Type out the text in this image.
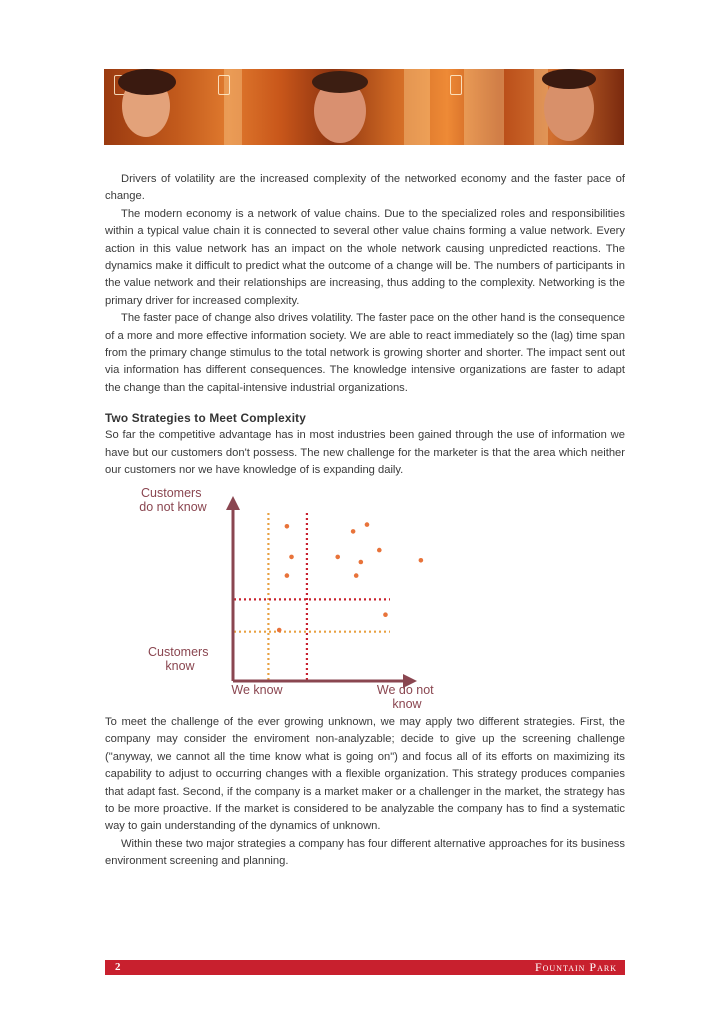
Drivers of volatility are the increased complexity of the networked economy and the faster pace of change.

The modern economy is a network of value chains. Due to the specialized roles and responsibilities within a typical value chain it is connected to several other value chains forming a value network. Every action in this value network has an impact on the whole network causing unpredicted reactions. The dynamics make it difficult to predict what the outcome of a change will be. The numbers of participants in the value network and their relationships are increasing, thus adding to the complexity. Networking is the primary driver for increased complexity.

The faster pace of change also drives volatility. The faster pace on the other hand is the consequence of a more and more effective information society. We are able to react immediately so the (lag) time span from the primary change stimulus to the total network is growing shorter and shorter. The impact sent out via information has different consequences. The knowledge intensive organizations are faster to adapt the change than the capital-intensive industrial organizations.

Two Strategies to Meet Complexity

So far the competitive advantage has in most industries been gained through the use of information we have but our customers don't possess. The new challenge for the marketer is that the area which neither our customers nor we have knowledge of is expanding daily.

Customers do not know
Customers know
We know	We do not know

To meet the challenge of the ever growing unknown, we may apply two different strategies. First, the company may consider the enviroment non-analyzable; decide to give up the screening challenge ("anyway, we cannot all the time know what is going on") and focus all of its efforts on maximizing its capability to adjust to occurring changes with a flexible organization. This strategy produces companies that adapt fast. Second, if the company is a market maker or a challenger in the market, the strategy has to be more proactive. If the market is considered to be analyzable the company has to find a systematic way to gain understanding of the dynamics of unknown.

Within these two major strategies a company has four different alternative approaches for its business environment screening and planning.

2	Fountain Park
